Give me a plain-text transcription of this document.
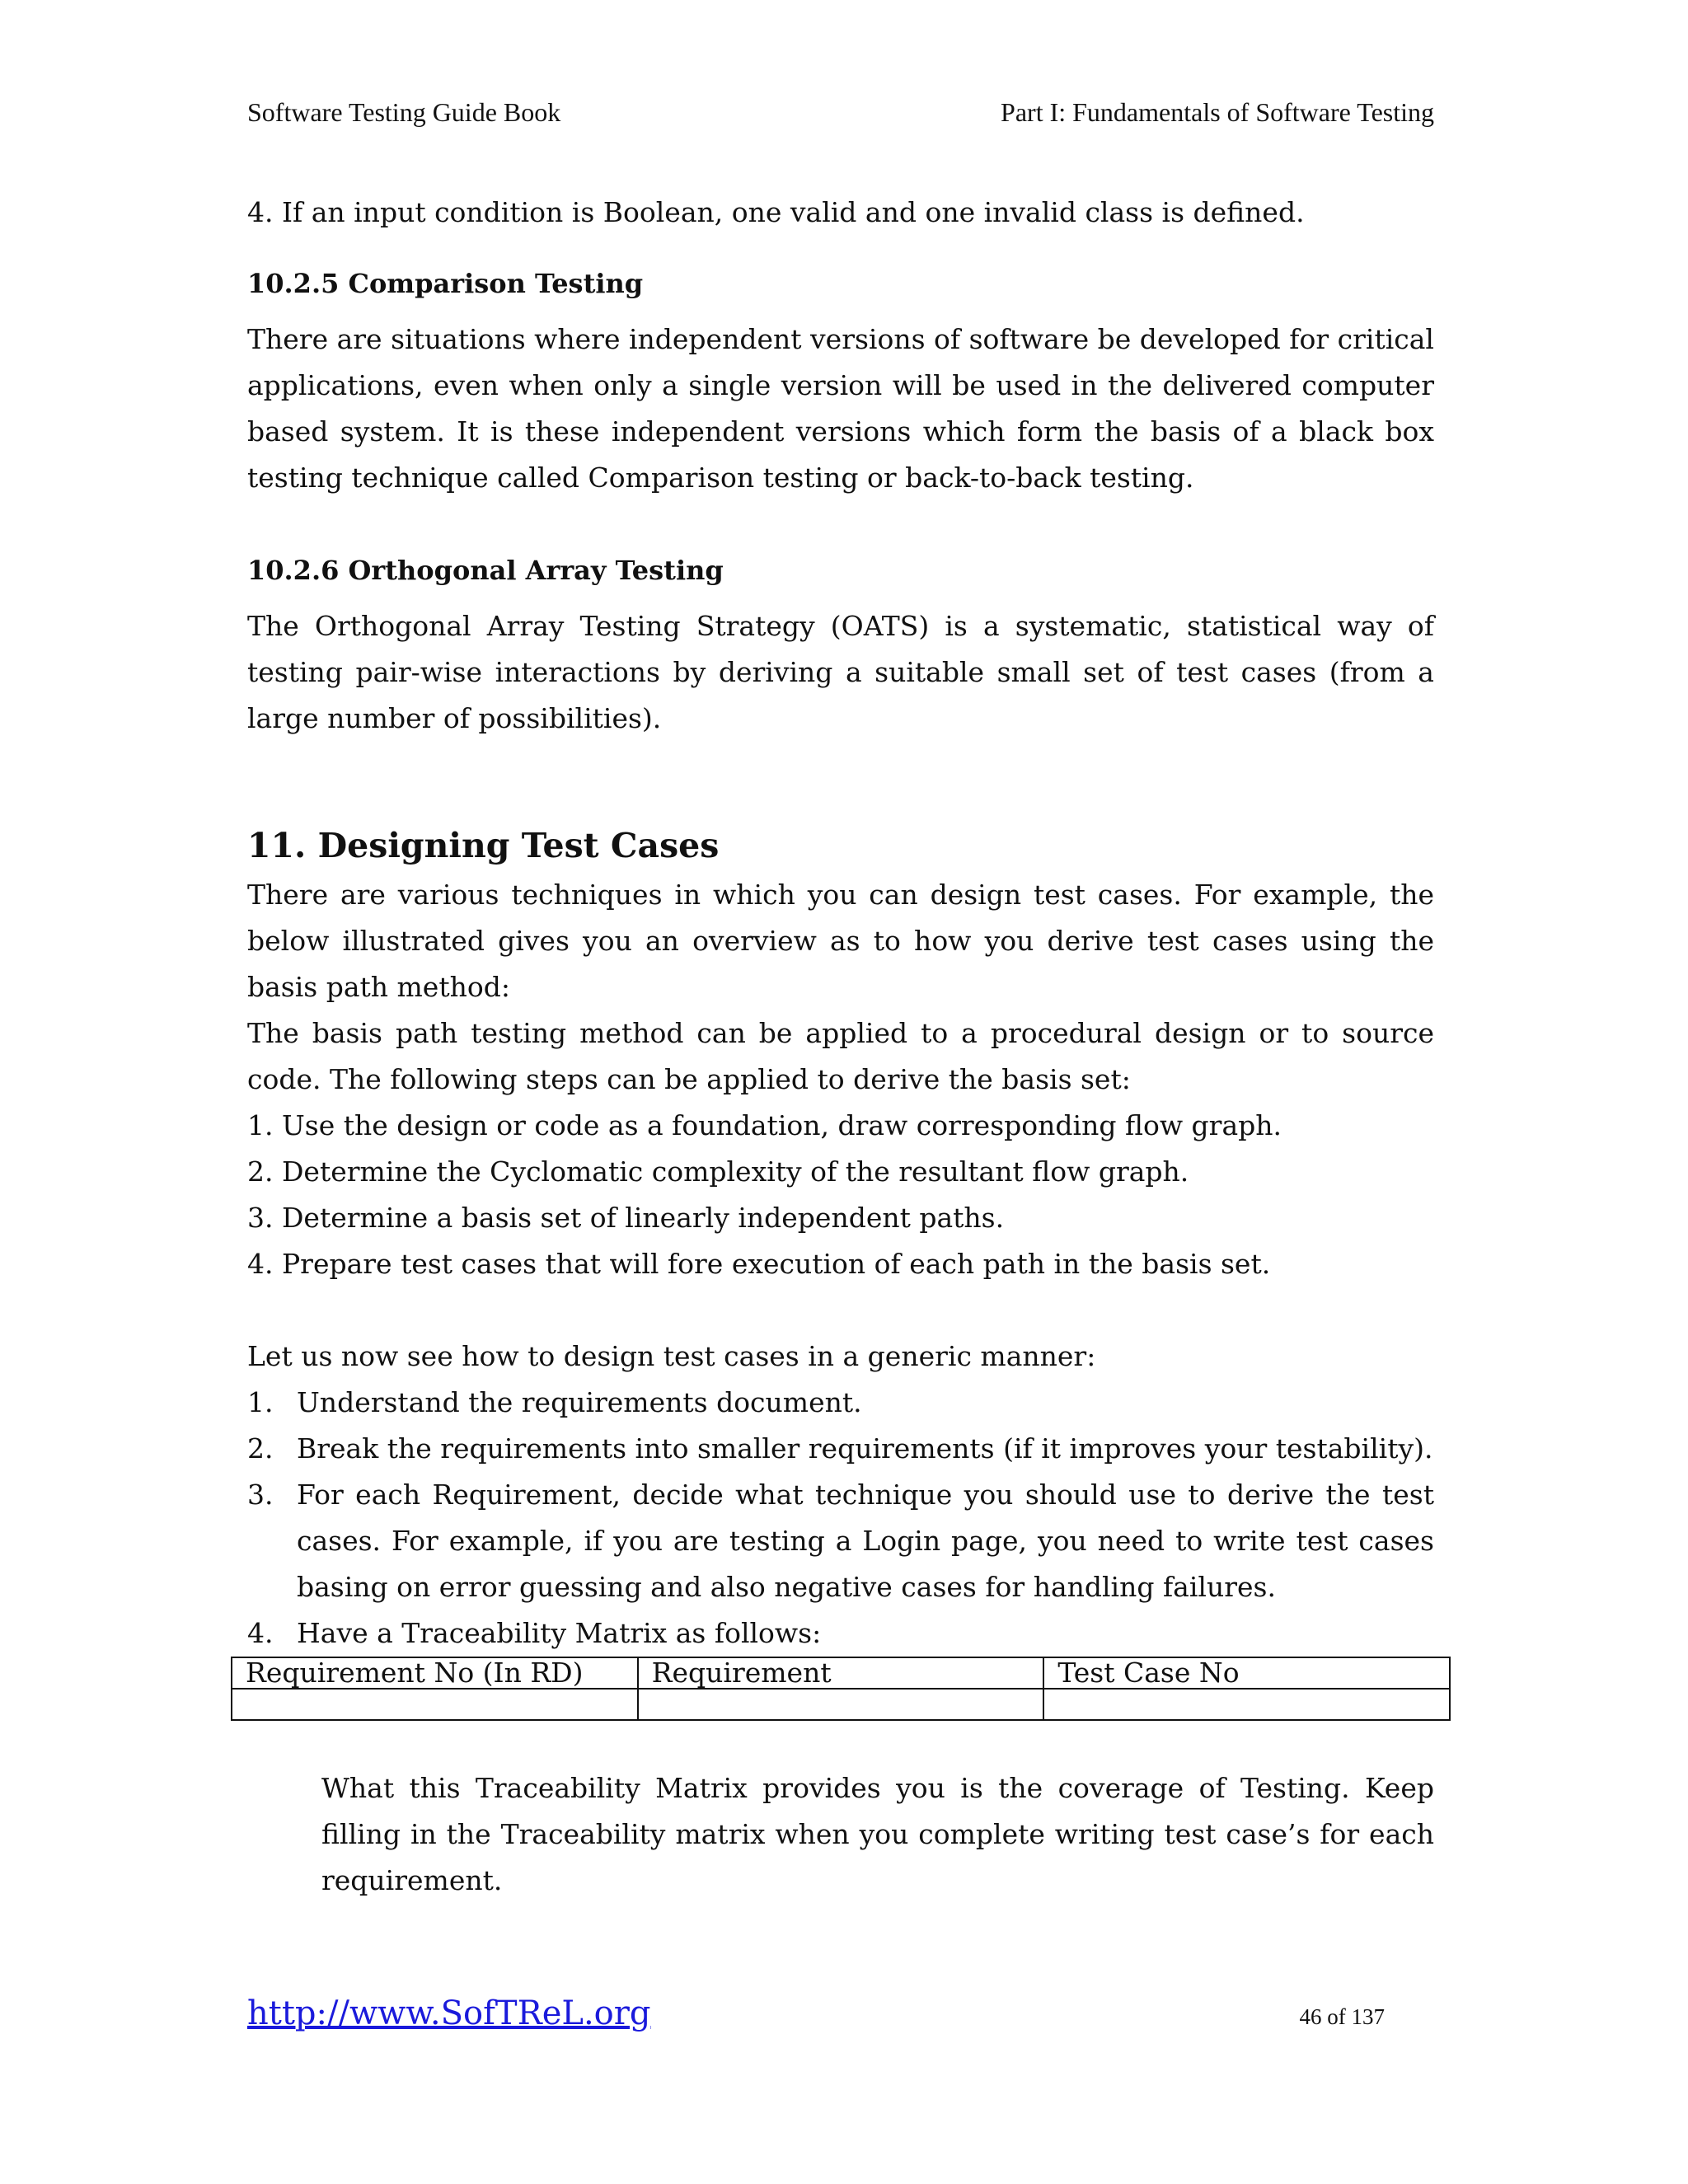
Software Testing Guide Book	Part I: Fundamentals of Software Testing

4. If an input condition is Boolean, one valid and one invalid class is defined.

10.2.5 Comparison Testing

There are situations where independent versions of software be developed for critical applications, even when only a single version will be used in the delivered computer based system. It is these independent versions which form the basis of a black box testing technique called Comparison testing or back-to-back testing.

10.2.6 Orthogonal Array Testing

The Orthogonal Array Testing Strategy (OATS) is a systematic, statistical way of testing pair-wise interactions by deriving a suitable small set of test cases (from a large number of possibilities).

11. Designing Test Cases

There are various techniques in which you can design test cases. For example, the below illustrated gives you an overview as to how you derive test cases using the basis path method:

The basis path testing method can be applied to a procedural design or to source code. The following steps can be applied to derive the basis set:

1. Use the design or code as a foundation, draw corresponding flow graph.

2. Determine the Cyclomatic complexity of the resultant flow graph.

3. Determine a basis set of linearly independent paths.

4. Prepare test cases that will fore execution of each path in the basis set.

Let us now see how to design test cases in a generic manner:

1. Understand the requirements document.
2. Break the requirements into smaller requirements (if it improves your testability).
3. For each Requirement, decide what technique you should use to derive the test cases. For example, if you are testing a Login page, you need to write test cases basing on error guessing and also negative cases for handling failures.
4. Have a Traceability Matrix as follows:
Requirement No (In RD)	Requirement	Test Case No

What this Traceability Matrix provides you is the coverage of Testing. Keep filling in the Traceability matrix when you complete writing test case’s for each requirement.

http://www.SofTReL.org	46 of 137
